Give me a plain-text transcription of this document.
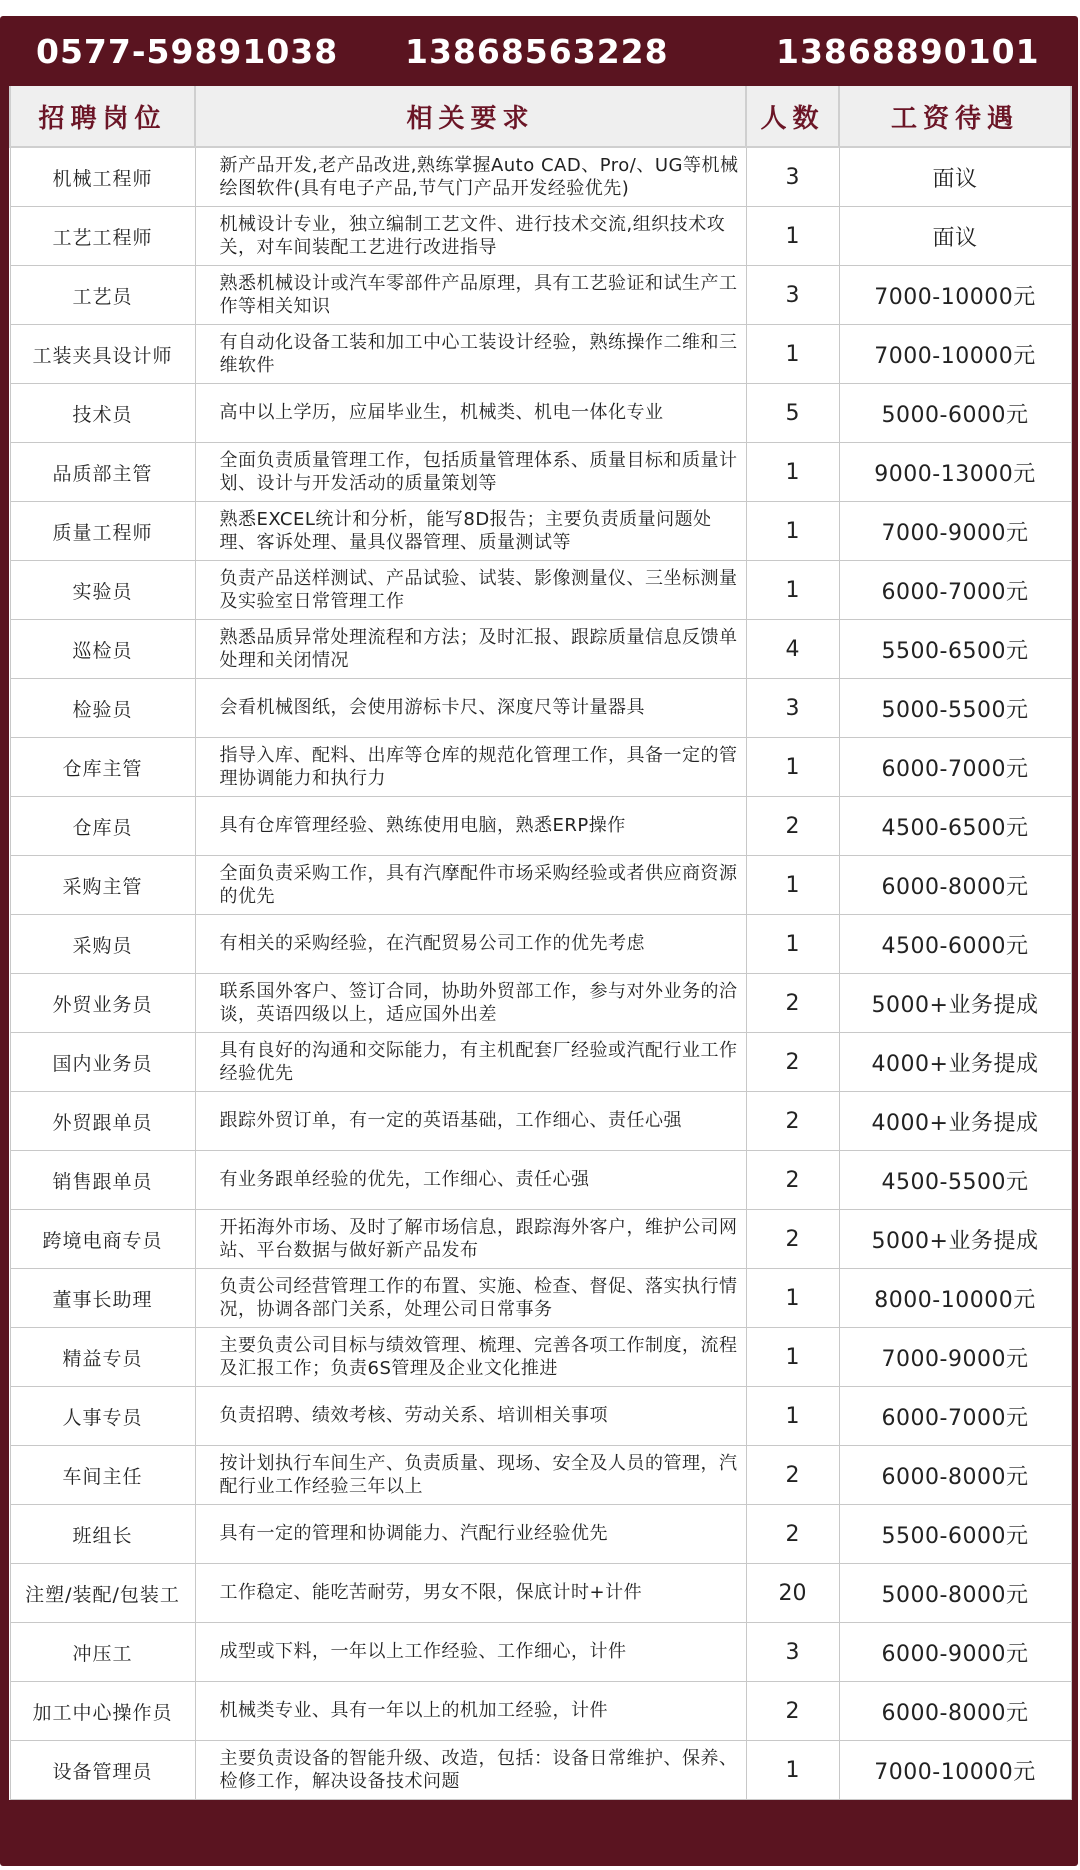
0577-59891038 13868563228	13868890101
招聘岗位	相关要求	人数	工资待遇
机械工程师	新产品开发,老产品改进,熟练掌握Auto CAD、Pro/、UG等机械绘图软件(具有电子产品,节气门产品开发经验优先)	3	面议
工艺工程师	机械设计专业，独立编制工艺文件、进行技术交流,组织技术攻关，对车间装配工艺进行改进指导	1	面议
工艺员	熟悉机械设计或汽车零部件产品原理，具有工艺验证和试生产工作等相关知识	3	7000-10000元
工装夹具设计师	有自动化设备工装和加工中心工装设计经验，熟练操作二维和三维软件	1	7000-10000元
技术员	高中以上学历，应届毕业生，机械类、机电一体化专业	5	5000-6000元
品质部主管	全面负责质量管理工作，包括质量管理体系、质量目标和质量计划、设计与开发活动的质量策划等	1	9000-13000元
质量工程师	熟悉EXCEL统计和分析，能写8D报告；主要负责质量问题处理、客诉处理、量具仪器管理、质量测试等	1	7000-9000元
实验员	负责产品送样测试、产品试验、试装、影像测量仪、三坐标测量及实验室日常管理工作	1	6000-7000元
巡检员	熟悉品质异常处理流程和方法；及时汇报、跟踪质量信息反馈单处理和关闭情况	4	5500-6500元
检验员	会看机械图纸，会使用游标卡尺、深度尺等计量器具	3	5000-5500元
仓库主管	指导入库、配料、出库等仓库的规范化管理工作，具备一定的管理协调能力和执行力	1	6000-7000元
仓库员	具有仓库管理经验、熟练使用电脑，熟悉ERP操作	2	4500-6500元
采购主管	全面负责采购工作，具有汽摩配件市场采购经验或者供应商资源的优先	1	6000-8000元
采购员	有相关的采购经验，在汽配贸易公司工作的优先考虑	1	4500-6000元
外贸业务员	联系国外客户、签订合同，协助外贸部工作，参与对外业务的洽谈，英语四级以上，适应国外出差	2	5000+业务提成
国内业务员	具有良好的沟通和交际能力，有主机配套厂经验或汽配行业工作经验优先	2	4000+业务提成
外贸跟单员	跟踪外贸订单，有一定的英语基础，工作细心、责任心强	2	4000+业务提成
销售跟单员	有业务跟单经验的优先，工作细心、责任心强	2	4500-5500元
跨境电商专员	开拓海外市场、及时了解市场信息，跟踪海外客户，维护公司网站、平台数据与做好新产品发布	2	5000+业务提成
董事长助理	负责公司经营管理工作的布置、实施、检查、督促、落实执行情况，协调各部门关系，处理公司日常事务	1	8000-10000元
精益专员	主要负责公司目标与绩效管理、梳理、完善各项工作制度，流程及汇报工作；负责6S管理及企业文化推进	1	7000-9000元
人事专员	负责招聘、绩效考核、劳动关系、培训相关事项	1	6000-7000元
车间主任	按计划执行车间生产、负责质量、现场、安全及人员的管理，汽配行业工作经验三年以上	2	6000-8000元
班组长	具有一定的管理和协调能力、汽配行业经验优先	2	5500-6000元
注塑/装配/包装工	工作稳定、能吃苦耐劳，男女不限，保底计时+计件	20	5000-8000元
冲压工	成型或下料，一年以上工作经验、工作细心，计件	3	6000-9000元
加工中心操作员	机械类专业、具有一年以上的机加工经验，计件	2	6000-8000元
设备管理员	主要负责设备的智能升级、改造，包括：设备日常维护、保养、检修工作，解决设备技术问题	1	7000-10000元
